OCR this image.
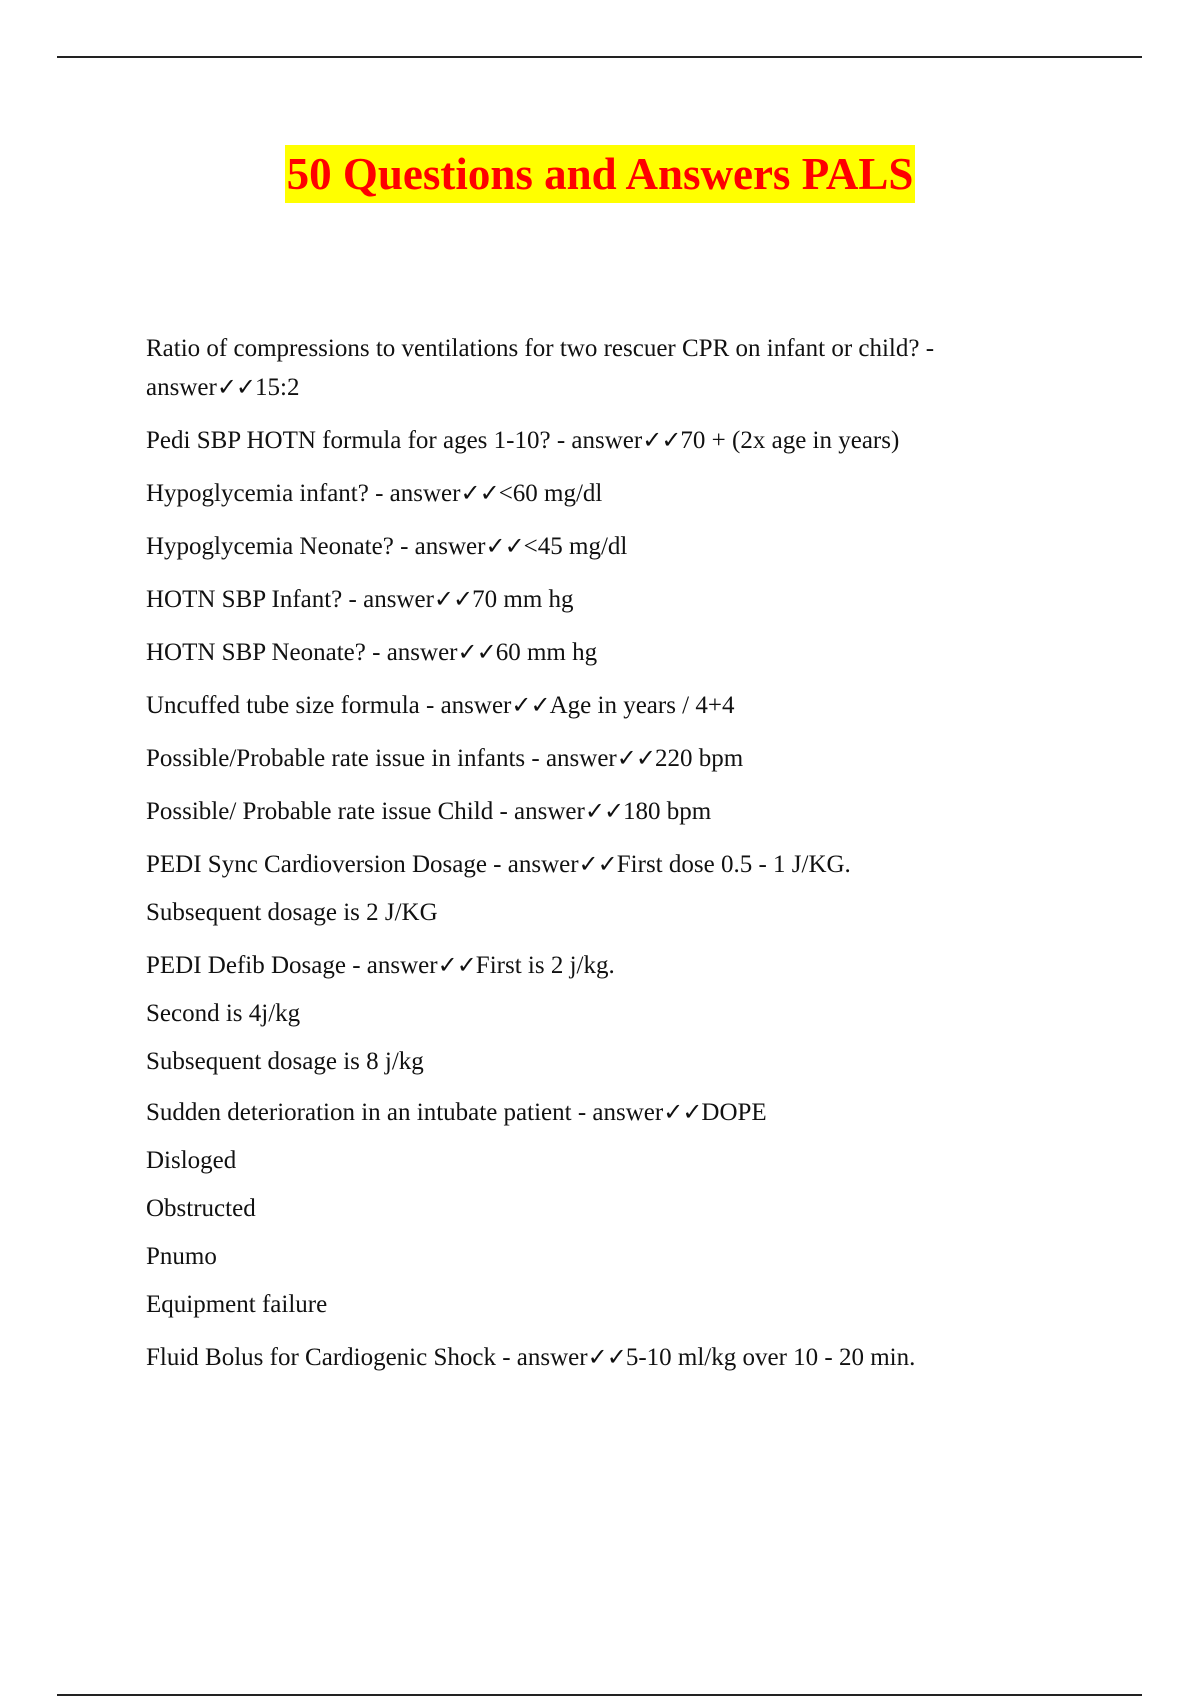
50 Questions and Answers PALS

Ratio of compressions to ventilations for two rescuer CPR on infant or child? - answer✓✓15:2

Pedi SBP HOTN formula for ages 1-10? - answer✓✓70 + (2x age in years)

Hypoglycemia infant? - answer✓✓<60 mg/dl

Hypoglycemia Neonate? - answer✓✓<45 mg/dl

HOTN SBP Infant? - answer✓✓70 mm hg

HOTN SBP Neonate? - answer✓✓60 mm hg

Uncuffed tube size formula - answer✓✓Age in years / 4+4

Possible/Probable rate issue in infants - answer✓✓220 bpm

Possible/ Probable rate issue Child - answer✓✓180 bpm

PEDI Sync Cardioversion Dosage - answer✓✓First dose 0.5 - 1 J/KG.

Subsequent dosage is 2 J/KG

PEDI Defib Dosage - answer✓✓First is 2 j/kg.

Second is 4j/kg

Subsequent dosage is 8 j/kg

Sudden deterioration in an intubate patient - answer✓✓DOPE

Disloged

Obstructed

Pnumo

Equipment failure

Fluid Bolus for Cardiogenic Shock - answer✓✓5-10 ml/kg over 10 - 20 min.
